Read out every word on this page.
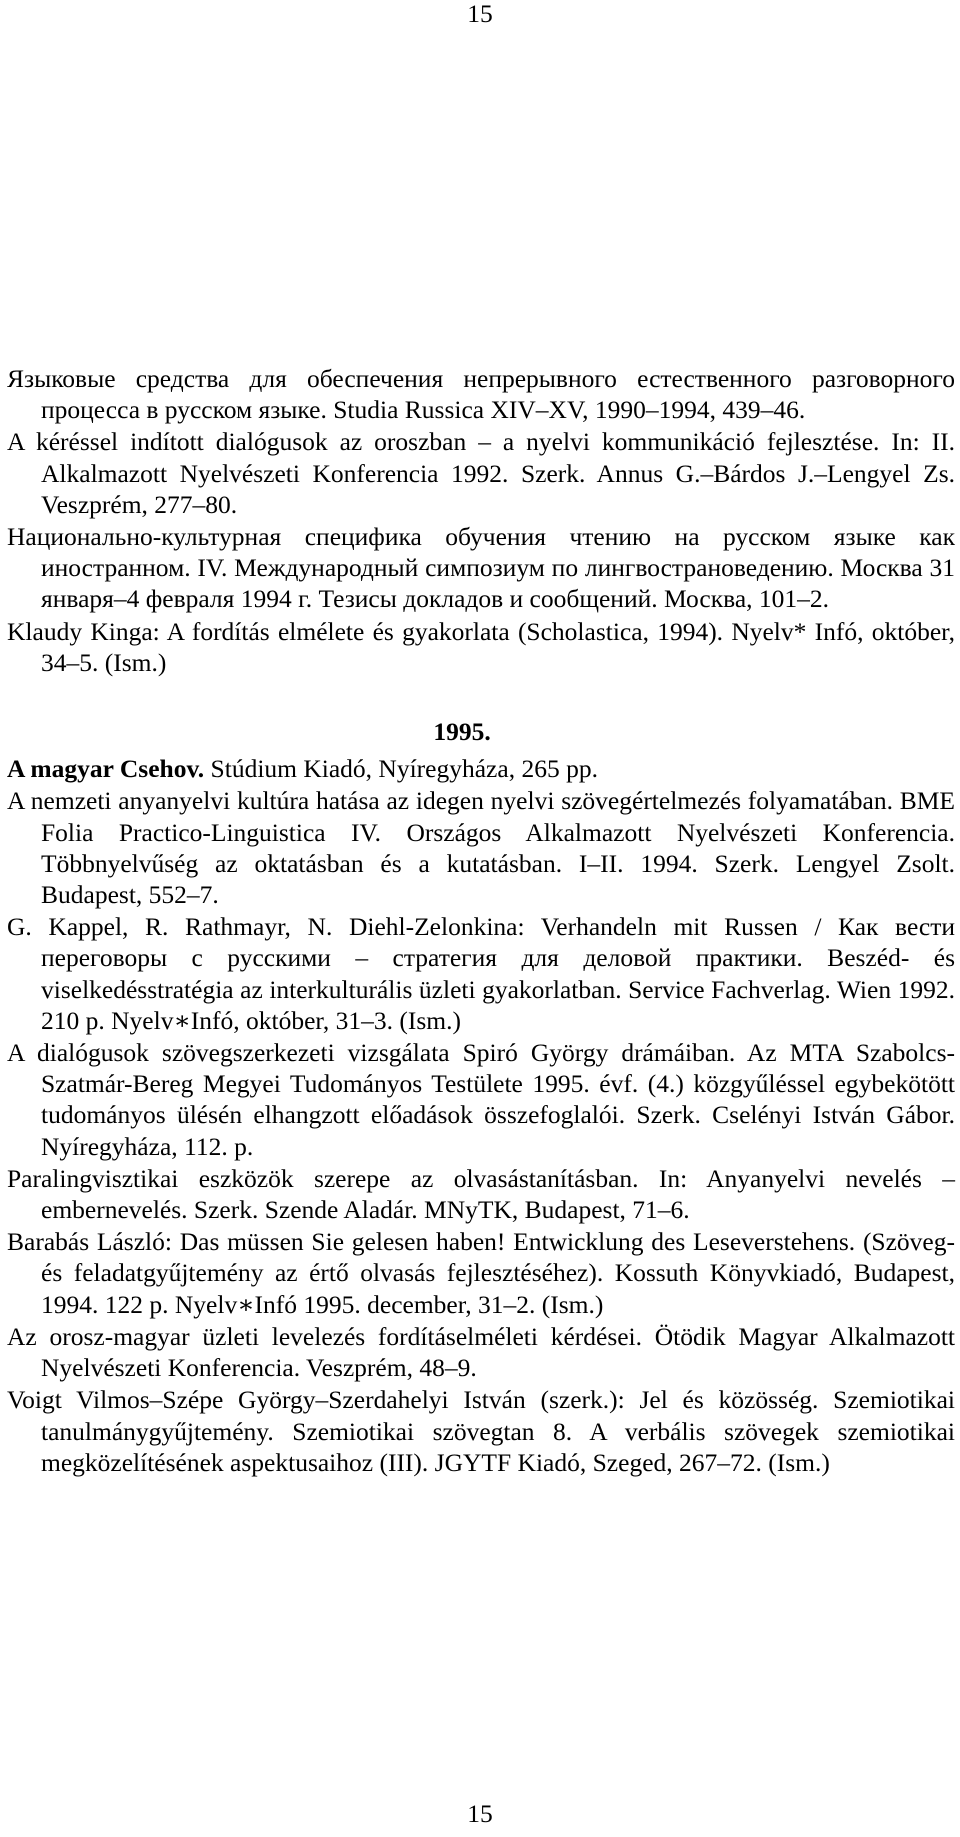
15

Языковые средства для обеспечения непрерывного естественного разговорного процесса в русском языке. Studia Russica XIV–XV, 1990–1994, 439–46.

A kéréssel indított dialógusok az oroszban – a nyelvi kommunikáció fejlesztése. In: II. Alkalmazott Nyelvészeti Konferencia 1992. Szerk. Annus G.–Bárdos J.–Lengyel Zs. Veszprém, 277–80.

Национально-культурная специфика обучения чтению на русском языке как иностранном. IV. Международный симпозиум по лингвострановедению. Москва 31 января–4 февраля 1994 г. Тезисы докладов и сообщений. Москва, 101–2.

Klaudy Kinga: A fordítás elmélete és gyakorlata (Scholastica, 1994). Nyelv* Infó, október, 34–5. (Ism.)

1995.

A magyar Csehov. Stúdium Kiadó, Nyíregyháza, 265 pp.

A nemzeti anyanyelvi kultúra hatása az idegen nyelvi szövegértelmezés folyamatában. BME Folia Practico-Linguistica IV. Országos Alkalmazott Nyelvészeti Konferencia. Többnyelvűség az oktatásban és a kutatásban. I–II. 1994. Szerk. Lengyel Zsolt. Budapest, 552–7.

G. Kappel, R. Rathmayr, N. Diehl-Zelonkina: Verhandeln mit Russen / Как вести переговоры с русскими – стратегия для деловой практики. Beszéd- és viselkedésstratégia az interkulturális üzleti gyakorlatban. Service Fachverlag. Wien 1992. 210 p. Nyelv∗Infó, október, 31–3. (Ism.)

A dialógusok szövegszerkezeti vizsgálata Spiró György drámáiban. Az MTA Szabolcs-Szatmár-Bereg Megyei Tudományos Testülete 1995. évf. (4.) közgyűléssel egybekötött tudományos ülésén elhangzott előadások összefoglalói. Szerk. Cselényi István Gábor. Nyíregyháza, 112. p.

Paralingvisztikai eszközök szerepe az olvasástanításban. In: Anyanyelvi nevelés – embernevelés. Szerk. Szende Aladár. MNyTK, Budapest, 71–6.

Barabás László: Das müssen Sie gelesen haben! Entwicklung des Leseverstehens. (Szöveg- és feladatgyűjtemény az értő olvasás fejlesztéséhez). Kossuth Könyvkiadó, Budapest, 1994. 122 p. Nyelv∗Infó 1995. december, 31–2. (Ism.)

Az orosz-magyar üzleti levelezés fordításelméleti kérdései. Ötödik Magyar Alkalmazott Nyelvészeti Konferencia. Veszprém, 48–9.

Voigt Vilmos–Szépe György–Szerdahelyi István (szerk.): Jel és közösség. Szemiotikai tanulmánygyűjtemény. Szemiotikai szövegtan 8. A verbális szövegek szemiotikai megközelítésének aspektusaihoz (III). JGYTF Kiadó, Szeged, 267–72. (Ism.)

15
